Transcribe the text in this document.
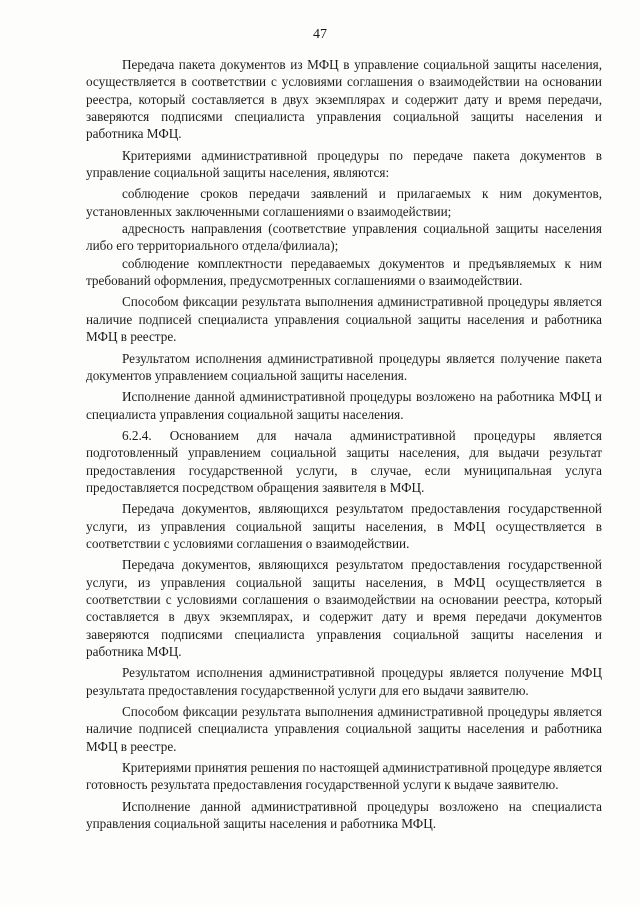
47

Передача пакета документов из МФЦ в управление социальной защиты населения, осуществляется в соответствии с условиями соглашения о взаимодействии на основании реестра, который составляется в двух экземплярах и содержит дату и время передачи, заверяются подписями специалиста управления социальной защиты населения и работника МФЦ.

Критериями административной процедуры по передаче пакета документов в управление социальной защиты населения, являются:

соблюдение сроков передачи заявлений и прилагаемых к ним документов, установленных заключенными соглашениями о взаимодействии;

адресность направления (соответствие управления социальной защиты населения либо его территориального отдела/филиала);

соблюдение комплектности передаваемых документов и предъявляемых к ним требований оформления, предусмотренных соглашениями о взаимодействии.

Способом фиксации результата выполнения административной процедуры является наличие подписей специалиста управления социальной защиты населения и работника МФЦ в реестре.

Результатом исполнения административной процедуры является получение пакета документов управлением социальной защиты населения.

Исполнение данной административной процедуры возложено на работника МФЦ и специалиста управления социальной защиты населения.

6.2.4. Основанием для начала административной процедуры является подготовленный управлением социальной защиты населения, для выдачи результат предоставления государственной услуги, в случае, если муниципальная услуга предоставляется посредством обращения заявителя в МФЦ.

Передача документов, являющихся результатом предоставления государственной услуги, из управления социальной защиты населения, в МФЦ осуществляется в соответствии с условиями соглашения о взаимодействии.

Передача документов, являющихся результатом предоставления государственной услуги, из управления социальной защиты населения, в МФЦ осуществляется в соответствии с условиями соглашения о взаимодействии на основании реестра, который составляется в двух экземплярах, и содержит дату и время передачи документов заверяются подписями специалиста управления социальной защиты населения и работника МФЦ.

Результатом исполнения административной процедуры является получение МФЦ результата предоставления государственной услуги для его выдачи заявителю.

Способом фиксации результата выполнения административной процедуры является наличие подписей специалиста управления социальной защиты населения и работника МФЦ в реестре.

Критериями принятия решения по настоящей административной процедуре является готовность результата предоставления государственной услуги к выдаче заявителю.

Исполнение данной административной процедуры возложено на специалиста управления социальной защиты населения и работника МФЦ.
